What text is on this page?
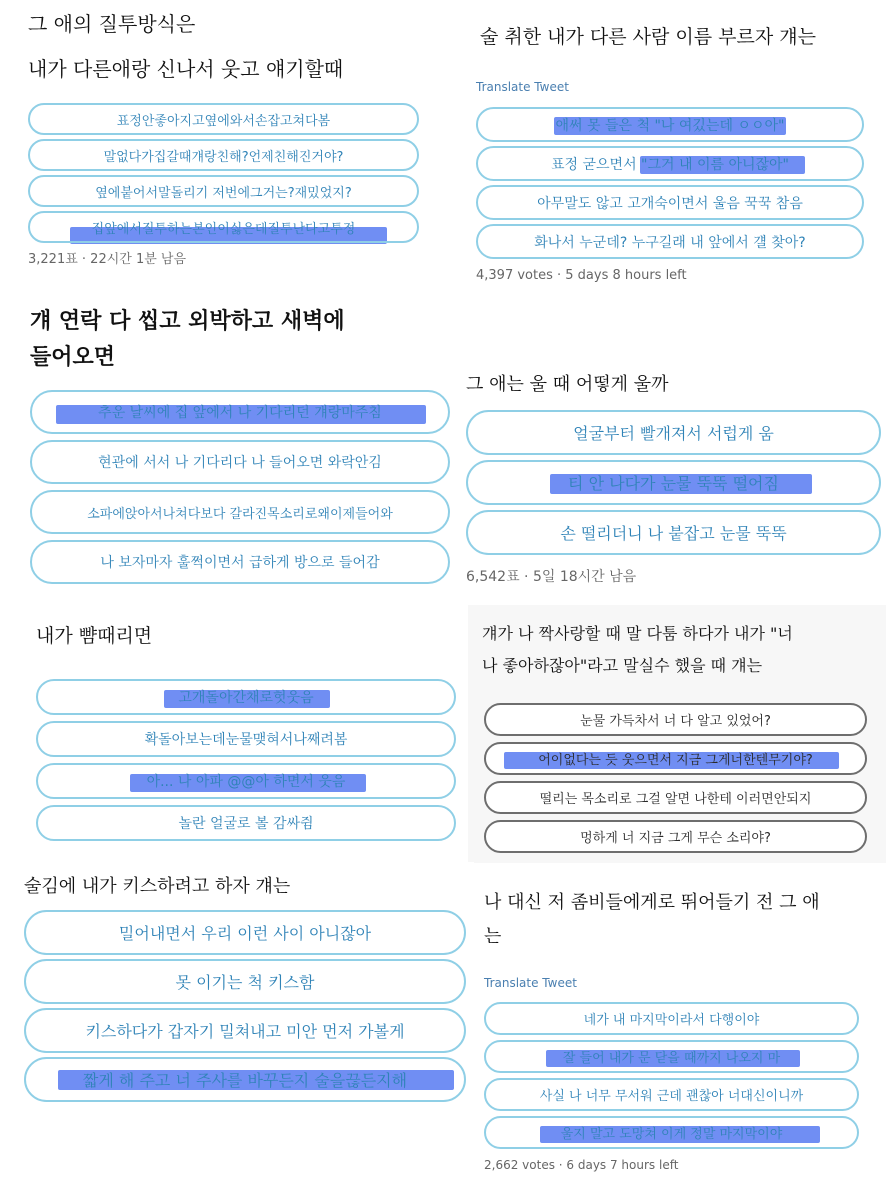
그 애의 질투방식은
내가 다른애랑 신나서 웃고 얘기할때
표정안좋아지고옆에와서손잡고쳐다봄
말없다가집갈때걔랑친해?언제친해진거야?
옆에붙어서말돌리기 저번에그거는?재밌었지?
집앞에서질투하는본인이싫은데질투난다고투정
3,221표 · 22시간 1분 남음
술 취한 내가 다른 사람 이름 부르자 걔는
Translate Tweet
애써 못 들은 척 "나 여깄는데 ㅇㅇ아"
표정 굳으면서 "그거 내 이름 아니잖아"
아무말도 않고 고개숙이면서 울음 꾹꾹 참음
화나서 누군데? 누구길래 내 앞에서 걜 찾아?
4,397 votes · 5 days 8 hours left
걔 연락 다 씹고 외박하고 새벽에
들어오면
추운 날씨에 집 앞에서 나 기다리던 걔랑마주침
현관에 서서 나 기다리다 나 들어오면 와락안김
소파에앉아서나쳐다보다 갈라진목소리로왜이제들어와
나 보자마자 훌쩍이면서 급하게 방으로 들어감
그 애는 울 때 어떻게 울까
얼굴부터 빨개져서 서럽게 움
티 안 나다가 눈물 뚝뚝 떨어짐
손 떨리더니 나 붙잡고 눈물 뚝뚝
6,542표 · 5일 18시간 남음
내가 뺨때리면
고개돌아간채로헛웃음
확돌아보는데눈물맺혀서나째려봄
아... 나 아파 @@아 하면서 웃음
놀란 얼굴로 볼 감싸쥠
걔가 나 짝사랑할 때 말 다툼 하다가 내가 "너
나 좋아하잖아"라고 말실수 했을 때 걔는
눈물 가득차서 너 다 알고 있었어?
어이없다는 듯 웃으면서 지금 그게너한텐무기야?
떨리는 목소리로 그걸 알면 나한테 이러면안되지
멍하게 너 지금 그게 무슨 소리야?
술김에 내가 키스하려고 하자 걔는
밀어내면서 우리 이런 사이 아니잖아
못 이기는 척 키스함
키스하다가 갑자기 밀쳐내고 미안 먼저 가볼게
짧게 해 주고 너 주사를 바꾸든지 술을끊든지해
나 대신 저 좀비들에게로 뛰어들기 전 그 애
는
Translate Tweet
네가 내 마지막이라서 다행이야
잘 들어 내가 문 닫을 때까지 나오지 마
사실 나 너무 무서워 근데 괜찮아 너대신이니까
울지 말고 도망쳐 이게 정말 마지막이야
2,662 votes · 6 days 7 hours left
